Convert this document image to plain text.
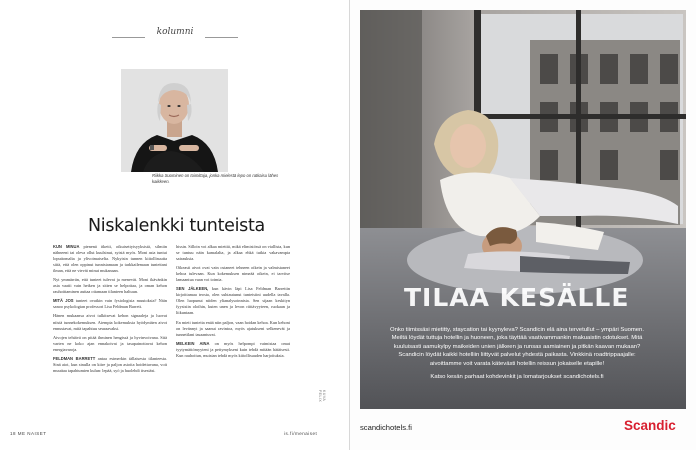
kolumni
Riikka Suominen on toimittaja, jonka mielestä lepo on ratkaisu lähes kaikkeen.
Niskalenkki tunteista

KUN MINUA pienenä itketti, oikuisettyisyyksistä, silmiin nähneeni tai oleva ollut kuulsinut, syistä myös. Moni asia tuntui loputtomalta ja ylivoimaiselta. Nykyisin tunnen kiitollisuutta siitä, että olen oppinut tunnistamaan ja tarkkailemaan tunteitani ilman, että ne vievät minut mukanaan.

Nyt ymmärrän, että tunteet tulevat ja menevät. Moni ikävänkin asia vaatii vain hetken ja sitten se helpottaa, ja oman kehon rauhoittaminen auttaa ottamaan tilanteen haltuun.

MITÄ JOS tunteet ovatkin vain fysiologisia muutoksia? Näin sanoo psykologian professori Lisa Feldman Barrett.

Hänen mukaansa aivot tulkitsevat kehon signaaleja ja luovat niistä tunnekokemuksen. Aiempia kokemuksia hyödyntäen aivot ennustavat, mitä tapahtuu seuraavaksi.

Aivojen tehtävä on pitää ihminen hengissä ja hyvinvoivana. Sitä varten ne koko ajan ennakoivat ja tasapainottavat kehon energiavaroja.

FELDMAN BARRETT antaa esimerkin tällaisesta tilanteesta. Sinä aiot, kun sinulla on kiire ja paljon asioita hoidettavana, voit muuttaa tapahtumien kulun: lepää, syö ja huolehdi itsestäsi.

hissin. Silloin voi alkaa miettiä, mikä elimistössä on viallista, kun se tuntuu näin kamalalta, ja alkaa ehkä tutkia vakavampia sairauksia.

Oikeasti aivot ovat vain ostaneet tehneen oikein ja valmistaneet kehoa tulevaan. Kun kokemuksen nimeää oikein, ei tarvitse lamaantua vaan voi toimia.

SEN JÄLKEEN, kun kävin läpi Lisa Feldman Barrettin kirjoittamaa teosta, olen suhtautunut tunteisiini uudella tavalla. Olen luopunut niiden ylianalysoinnista. Sen sijaan keskityn fyysisiin oloihin, kuten unen ja levon riittävyyteen, ruokaan ja liikuntaan.

En mieti tunteita enää niin paljon, vaan hoidan kehoa. Kun kehoni on levännyt ja saanut ravintoa, myös ajatukseni selkenevät ja tunnetilani tasaantuvat.

MELKEIN AINA on myös helpompi vaimistaa omat tyytymättömyyteni ja pettymykseni kuin tehdä mitään hätäisesti. Kun rauhoitun, muistan tehdä myös kiitollisuuden harjoituksia.

KUVA FELIX
18 ME NAISET	is.fi/menaiset
TILAA KESÄLLE
Onko tiimissäsi mietitty, staycation tai kyynyleva? Scandicin elä aina tervetullut – ympäri Suomen. Meiltä löydät tuttuja hotellin ja huoneen, joka täyttää vaativammankin makuaistin odotukset. Mitä kuuluisasti aamukylpy maikeiden unien jälkeen ja runsas aamiainen ja pitkän kaavan mukaan? Scandicin löydät kaikki hotelliin liittyvät palvelut yhdestä paikasta. Vinkkinä roadtrippaajalle: aivoittamme voit varata kätevästi hotellin reissun jokaiselle etapille!
Katso kesän parhaat kohdevinkit ja lomatarjoukset scandichotels.fi
scandichotels.fi	Scandic
